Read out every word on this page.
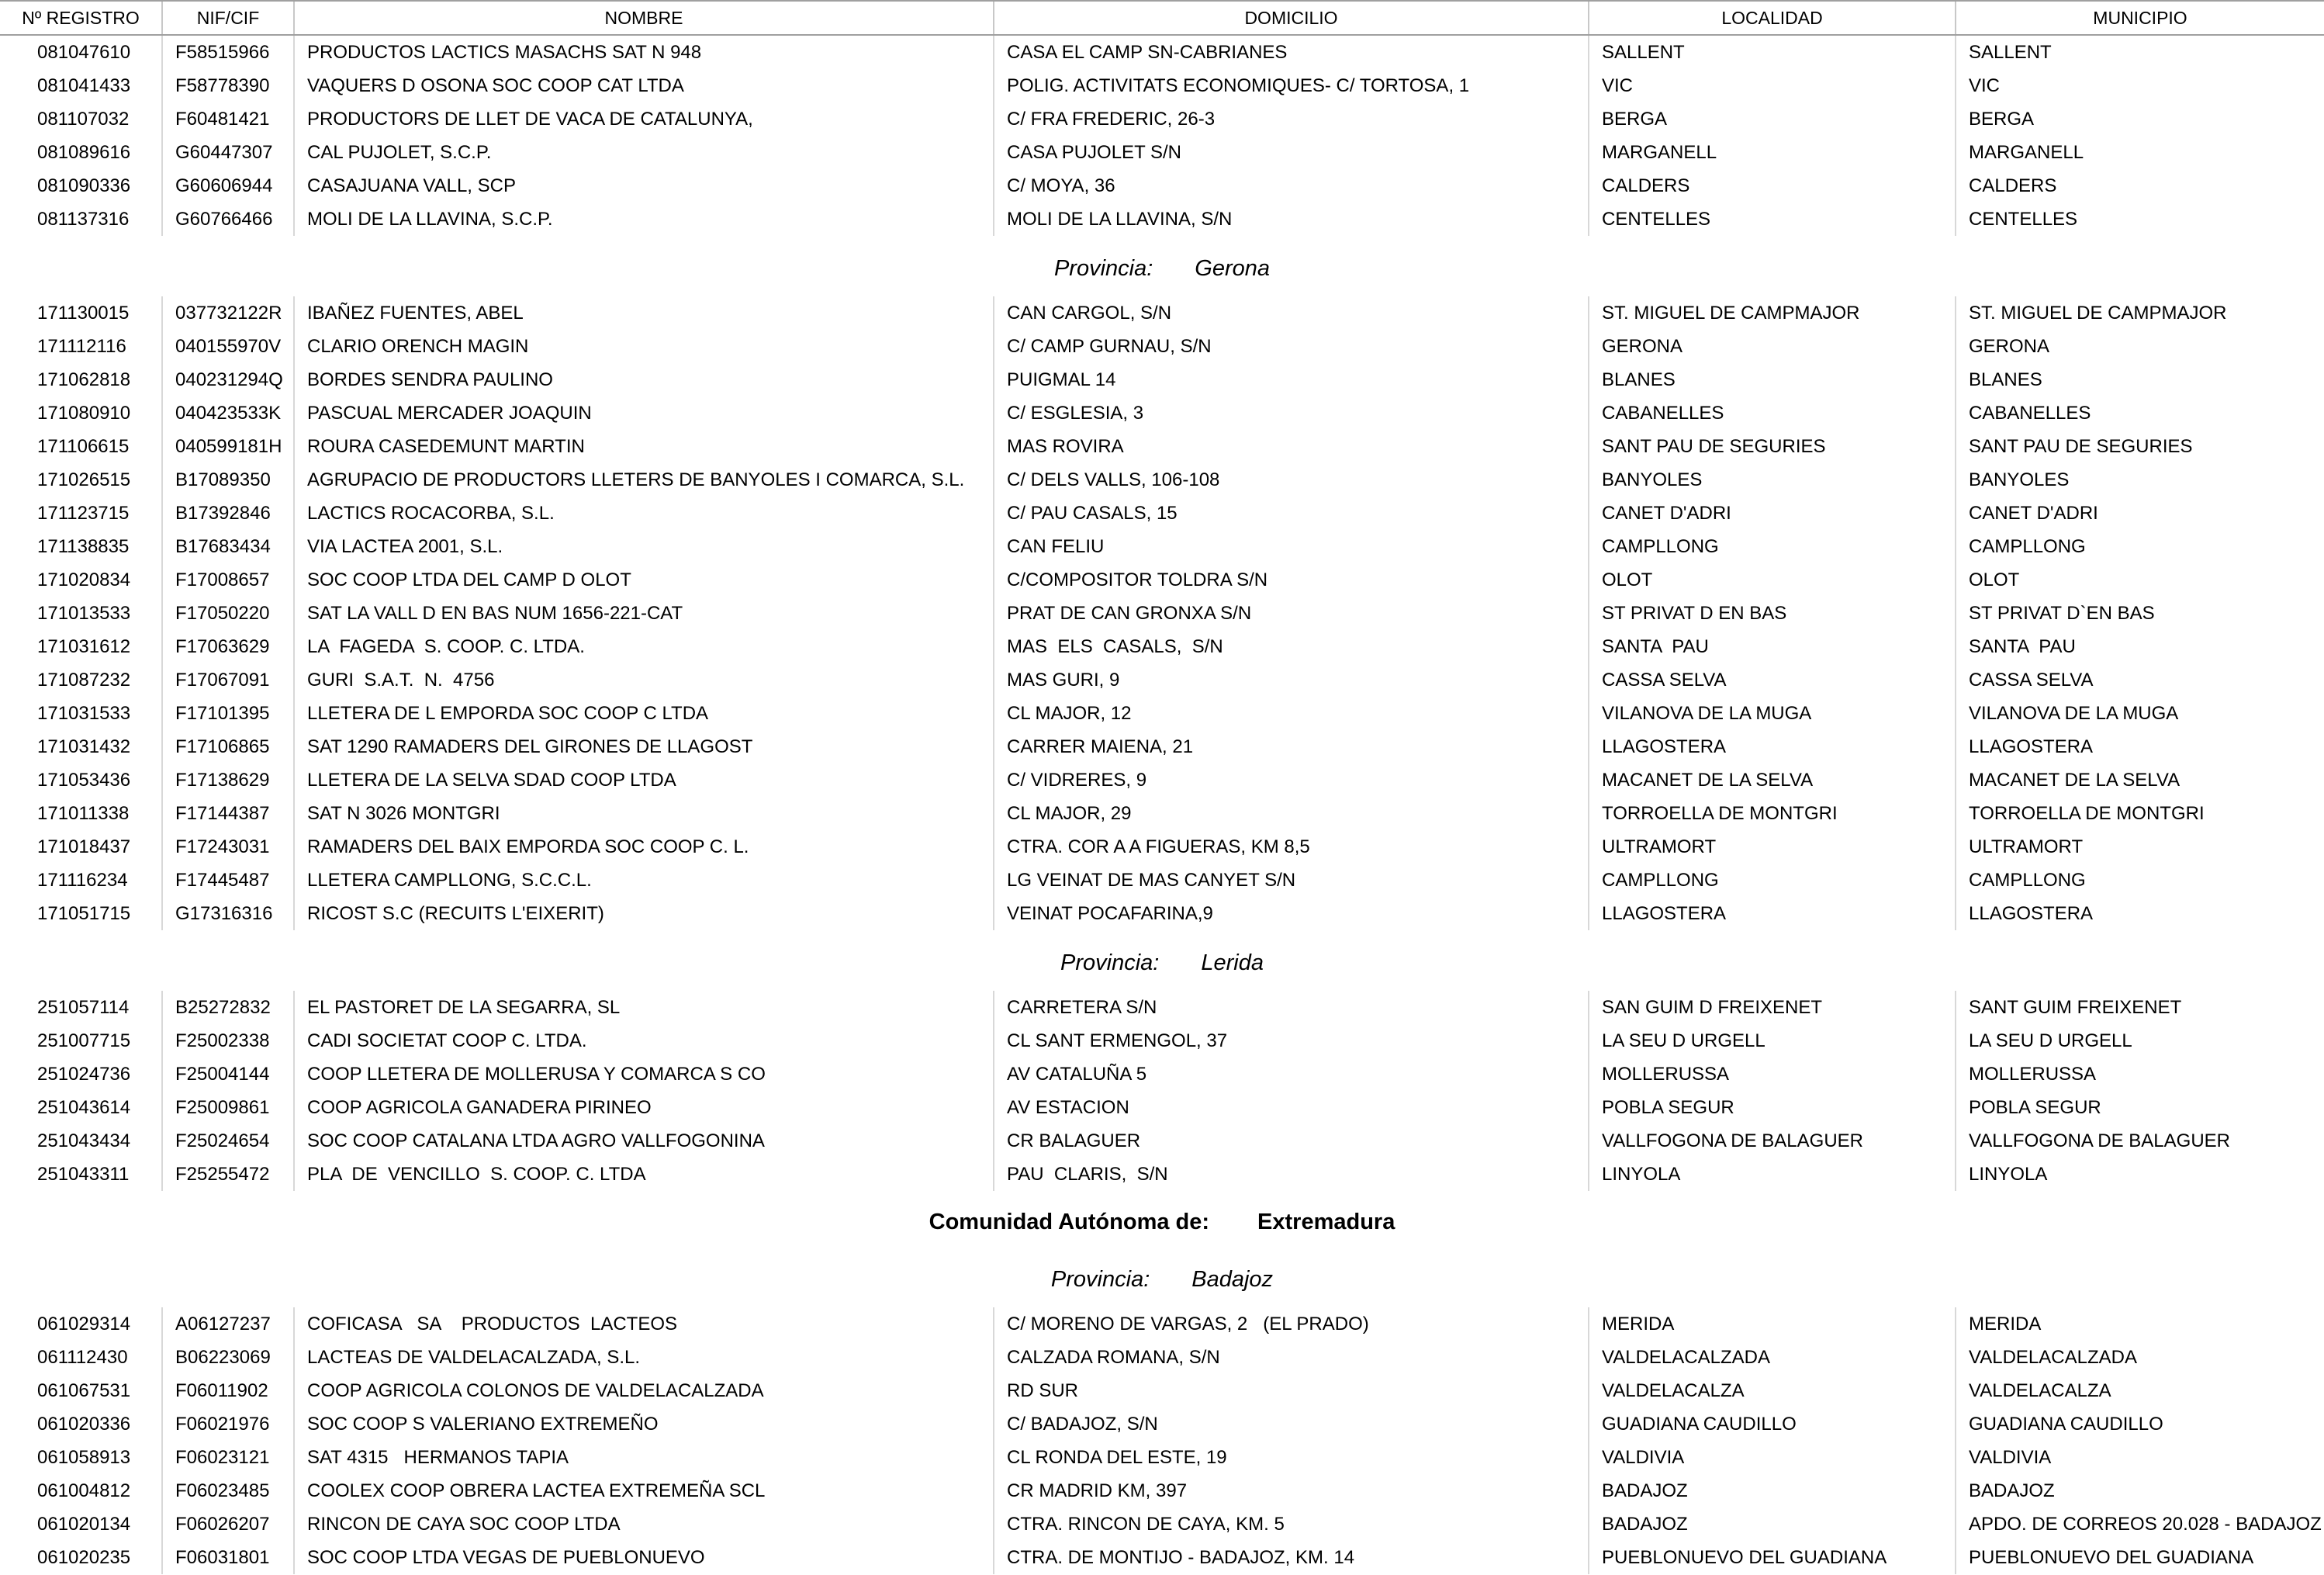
Nº REGISTRO	NIF/CIF	NOMBRE	DOMICILIO	LOCALIDAD	MUNICIPIO
081047610	F58515966	PRODUCTOS LACTICS MASACHS SAT N 948	CASA EL CAMP SN-CABRIANES	SALLENT	SALLENT
081041433	F58778390	VAQUERS D OSONA SOC COOP CAT LTDA	POLIG. ACTIVITATS ECONOMIQUES- C/ TORTOSA, 1	VIC	VIC
081107032	F60481421	PRODUCTORS DE LLET DE VACA DE CATALUNYA,	C/ FRA FREDERIC, 26-3	BERGA	BERGA
081089616	G60447307	CAL PUJOLET, S.C.P.	CASA PUJOLET S/N	MARGANELL	MARGANELL
081090336	G60606944	CASAJUANA VALL, SCP	C/ MOYA, 36	CALDERS	CALDERS
081137316	G60766466	MOLI DE LA LLAVINA, S.C.P.	MOLI DE LA LLAVINA, S/N	CENTELLES	CENTELLES
Provincia: Gerona
171130015	037732122R	IBAÑEZ FUENTES, ABEL	CAN CARGOL, S/N	ST. MIGUEL DE CAMPMAJOR	ST. MIGUEL DE CAMPMAJOR
171112116	040155970V	CLARIO ORENCH MAGIN	C/ CAMP GURNAU, S/N	GERONA	GERONA
171062818	040231294Q	BORDES SENDRA PAULINO	PUIGMAL 14	BLANES	BLANES
171080910	040423533K	PASCUAL MERCADER JOAQUIN	C/ ESGLESIA, 3	CABANELLES	CABANELLES
171106615	040599181H	ROURA CASEDEMUNT MARTIN	MAS ROVIRA	SANT PAU DE SEGURIES	SANT PAU DE SEGURIES
171026515	B17089350	AGRUPACIO DE PRODUCTORS LLETERS DE BANYOLES I COMARCA, S.L.	C/ DELS VALLS, 106-108	BANYOLES	BANYOLES
171123715	B17392846	LACTICS ROCACORBA, S.L.	C/ PAU CASALS, 15	CANET D'ADRI	CANET D'ADRI
171138835	B17683434	VIA LACTEA 2001, S.L.	CAN FELIU	CAMPLLONG	CAMPLLONG
171020834	F17008657	SOC COOP LTDA DEL CAMP D OLOT	C/COMPOSITOR TOLDRA S/N	OLOT	OLOT
171013533	F17050220	SAT LA VALL D EN BAS NUM 1656-221-CAT	PRAT DE CAN GRONXA S/N	ST PRIVAT D EN BAS	ST PRIVAT D`EN BAS
171031612	F17063629	LA  FAGEDA  S. COOP. C. LTDA.	MAS  ELS  CASALS,  S/N	SANTA  PAU	SANTA  PAU
171087232	F17067091	GURI  S.A.T.  N.  4756	MAS GURI, 9	CASSA SELVA	CASSA SELVA
171031533	F17101395	LLETERA DE L EMPORDA SOC COOP C LTDA	CL MAJOR, 12	VILANOVA DE LA MUGA	VILANOVA DE LA MUGA
171031432	F17106865	SAT 1290 RAMADERS DEL GIRONES DE LLAGOST	CARRER MAIENA, 21	LLAGOSTERA	LLAGOSTERA
171053436	F17138629	LLETERA DE LA SELVA SDAD COOP LTDA	C/ VIDRERES, 9	MACANET DE LA SELVA	MACANET DE LA SELVA
171011338	F17144387	SAT N 3026 MONTGRI	CL MAJOR, 29	TORROELLA DE MONTGRI	TORROELLA DE MONTGRI
171018437	F17243031	RAMADERS DEL BAIX EMPORDA SOC COOP C. L.	CTRA. COR A A FIGUERAS, KM 8,5	ULTRAMORT	ULTRAMORT
171116234	F17445487	LLETERA CAMPLLONG, S.C.C.L.	LG VEINAT DE MAS CANYET S/N	CAMPLLONG	CAMPLLONG
171051715	G17316316	RICOST S.C (RECUITS L'EIXERIT)	VEINAT POCAFARINA,9	LLAGOSTERA	LLAGOSTERA
Provincia: Lerida
251057114	B25272832	EL PASTORET DE LA SEGARRA, SL	CARRETERA S/N	SAN GUIM D FREIXENET	SANT GUIM FREIXENET
251007715	F25002338	CADI SOCIETAT COOP C. LTDA.	CL SANT ERMENGOL, 37	LA SEU D URGELL	LA SEU D URGELL
251024736	F25004144	COOP LLETERA DE MOLLERUSA Y COMARCA S CO	AV CATALUÑA 5	MOLLERUSSA	MOLLERUSSA
251043614	F25009861	COOP AGRICOLA GANADERA PIRINEO	AV ESTACION	POBLA SEGUR	POBLA SEGUR
251043434	F25024654	SOC COOP CATALANA LTDA AGRO VALLFOGONINA	CR BALAGUER	VALLFOGONA DE BALAGUER	VALLFOGONA DE BALAGUER
251043311	F25255472	PLA  DE  VENCILLO  S. COOP. C. LTDA	PAU  CLARIS,  S/N	LINYOLA	LINYOLA
Comunidad Autónoma de: Extremadura
Provincia: Badajoz
061029314	A06127237	COFICASA   SA    PRODUCTOS  LACTEOS	C/ MORENO DE VARGAS, 2   (EL PRADO)	MERIDA	MERIDA
061112430	B06223069	LACTEAS DE VALDELACALZADA, S.L.	CALZADA ROMANA, S/N	VALDELACALZADA	VALDELACALZADA
061067531	F06011902	COOP AGRICOLA COLONOS DE VALDELACALZADA	RD SUR	VALDELACALZA	VALDELACALZA
061020336	F06021976	SOC COOP S VALERIANO EXTREMEÑO	C/ BADAJOZ, S/N	GUADIANA CAUDILLO	GUADIANA CAUDILLO
061058913	F06023121	SAT 4315   HERMANOS TAPIA	CL RONDA DEL ESTE, 19	VALDIVIA	VALDIVIA
061004812	F06023485	COOLEX COOP OBRERA LACTEA EXTREMEÑA SCL	CR MADRID KM, 397	BADAJOZ	BADAJOZ
061020134	F06026207	RINCON DE CAYA SOC COOP LTDA	CTRA. RINCON DE CAYA, KM. 5	BADAJOZ	APDO. DE CORREOS 20.028 - BADAJOZ
061020235	F06031801	SOC COOP LTDA VEGAS DE PUEBLONUEVO	CTRA. DE MONTIJO - BADAJOZ, KM. 14	PUEBLONUEVO DEL GUADIANA	PUEBLONUEVO DEL GUADIANA
